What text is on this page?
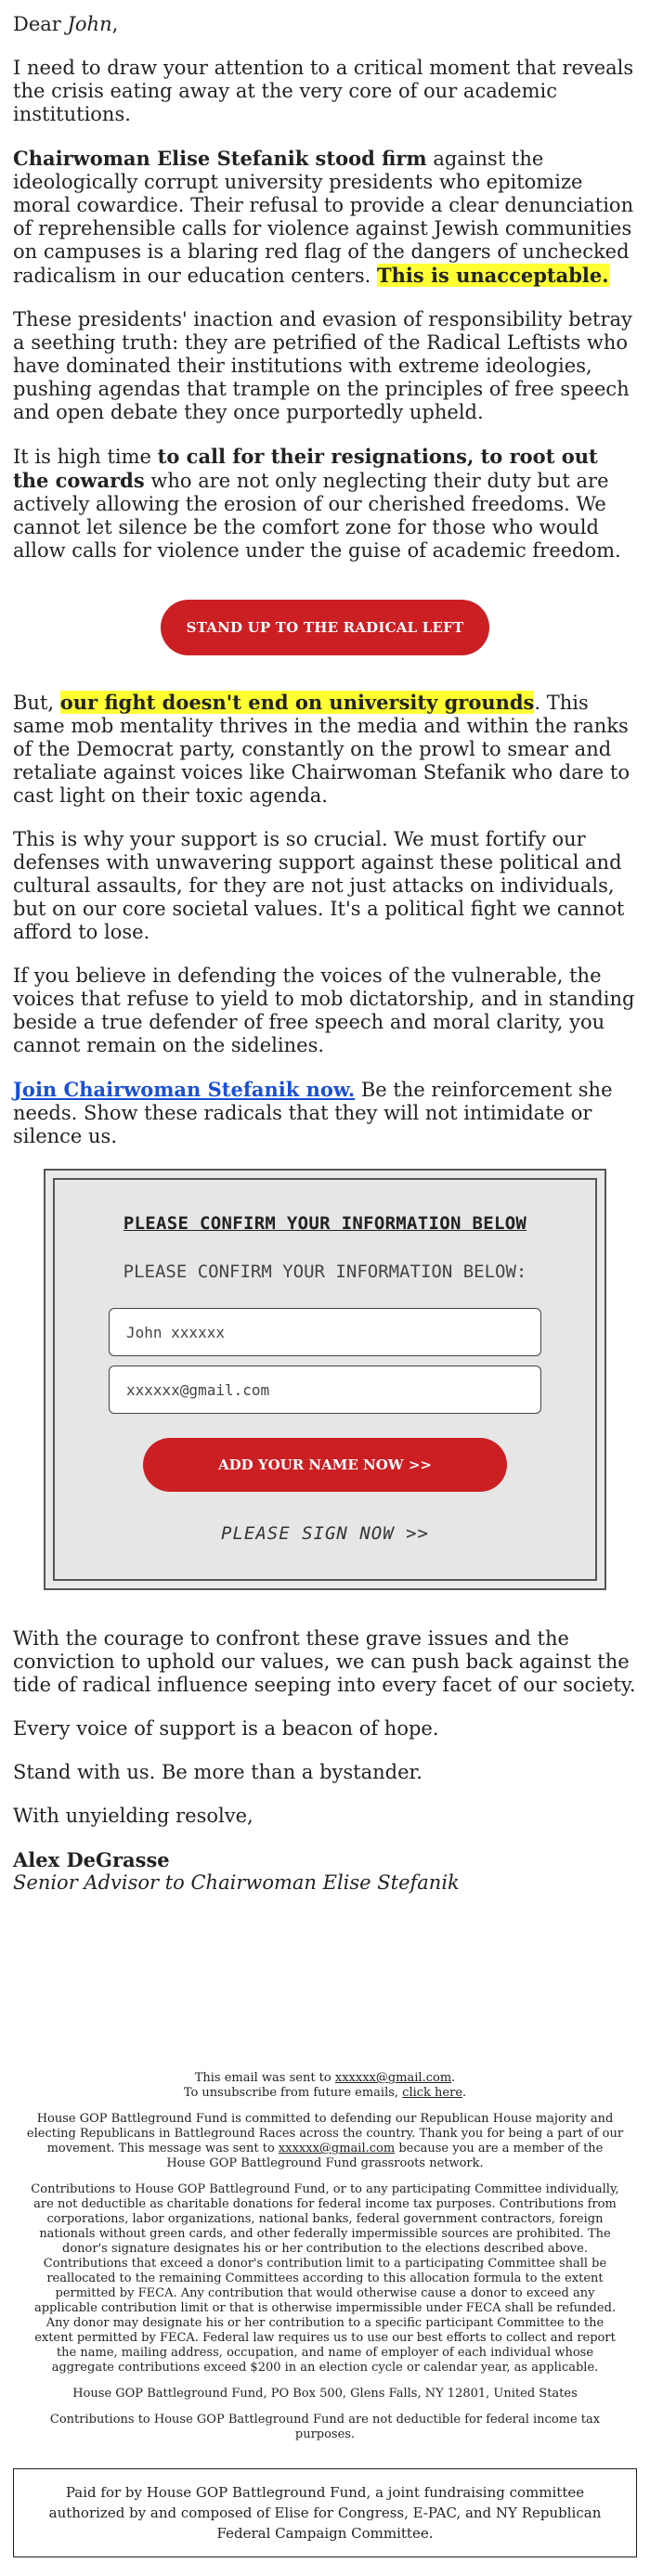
Dear John,

I need to draw your attention to a critical moment that reveals the crisis eating away at the very core of our academic institutions.

Chairwoman Elise Stefanik stood firm against the ideologically corrupt university presidents who epitomize moral cowardice. Their refusal to provide a clear denunciation of reprehensible calls for violence against Jewish communities on campuses is a blaring red flag of the dangers of unchecked radicalism in our education centers. This is unacceptable.

These presidents' inaction and evasion of responsibility betray a seething truth: they are petrified of the Radical Leftists who have dominated their institutions with extreme ideologies, pushing agendas that trample on the principles of free speech and open debate they once purportedly upheld.

It is high time to call for their resignations, to root out the cowards who are not only neglecting their duty but are actively allowing the erosion of our cherished freedoms. We cannot let silence be the comfort zone for those who would allow calls for violence under the guise of academic freedom.

STAND UP TO THE RADICAL LEFT

But, our fight doesn't end on university grounds. This same mob mentality thrives in the media and within the ranks of the Democrat party, constantly on the prowl to smear and retaliate against voices like Chairwoman Stefanik who dare to cast light on their toxic agenda.

This is why your support is so crucial. We must fortify our defenses with unwavering support against these political and cultural assaults, for they are not just attacks on individuals, but on our core societal values. It's a political fight we cannot afford to lose.

If you believe in defending the voices of the vulnerable, the voices that refuse to yield to mob dictatorship, and in standing beside a true defender of free speech and moral clarity, you cannot remain on the sidelines.

Join Chairwoman Stefanik now. Be the reinforcement she needs. Show these radicals that they will not intimidate or silence us.

PLEASE CONFIRM YOUR INFORMATION BELOW
PLEASE CONFIRM YOUR INFORMATION BELOW:
John xxxxxx
xxxxxx@gmail.com
ADD YOUR NAME NOW >>
PLEASE SIGN NOW >>

With the courage to confront these grave issues and the conviction to uphold our values, we can push back against the tide of radical influence seeping into every facet of our society.

Every voice of support is a beacon of hope.

Stand with us. Be more than a bystander.

With unyielding resolve,

Alex DeGrasse
Senior Advisor to Chairwoman Elise Stefanik

This email was sent to xxxxxx@gmail.com.
To unsubscribe from future emails, click here.

House GOP Battleground Fund is committed to defending our Republican House majority and electing Republicans in Battleground Races across the country. Thank you for being a part of our movement. This message was sent to xxxxxx@gmail.com because you are a member of the House GOP Battleground Fund grassroots network.

Contributions to House GOP Battleground Fund, or to any participating Committee individually, are not deductible as charitable donations for federal income tax purposes. Contributions from corporations, labor organizations, national banks, federal government contractors, foreign nationals without green cards, and other federally impermissible sources are prohibited. The donor's signature designates his or her contribution to the elections described above. Contributions that exceed a donor's contribution limit to a participating Committee shall be reallocated to the remaining Committees according to this allocation formula to the extent permitted by FECA. Any contribution that would otherwise cause a donor to exceed any applicable contribution limit or that is otherwise impermissible under FECA shall be refunded. Any donor may designate his or her contribution to a specific participant Committee to the extent permitted by FECA. Federal law requires us to use our best efforts to collect and report the name, mailing address, occupation, and name of employer of each individual whose aggregate contributions exceed $200 in an election cycle or calendar year, as applicable.

House GOP Battleground Fund, PO Box 500, Glens Falls, NY 12801, United States

Contributions to House GOP Battleground Fund are not deductible for federal income tax purposes.

Paid for by House GOP Battleground Fund, a joint fundraising committee authorized by and composed of Elise for Congress, E-PAC, and NY Republican Federal Campaign Committee.
